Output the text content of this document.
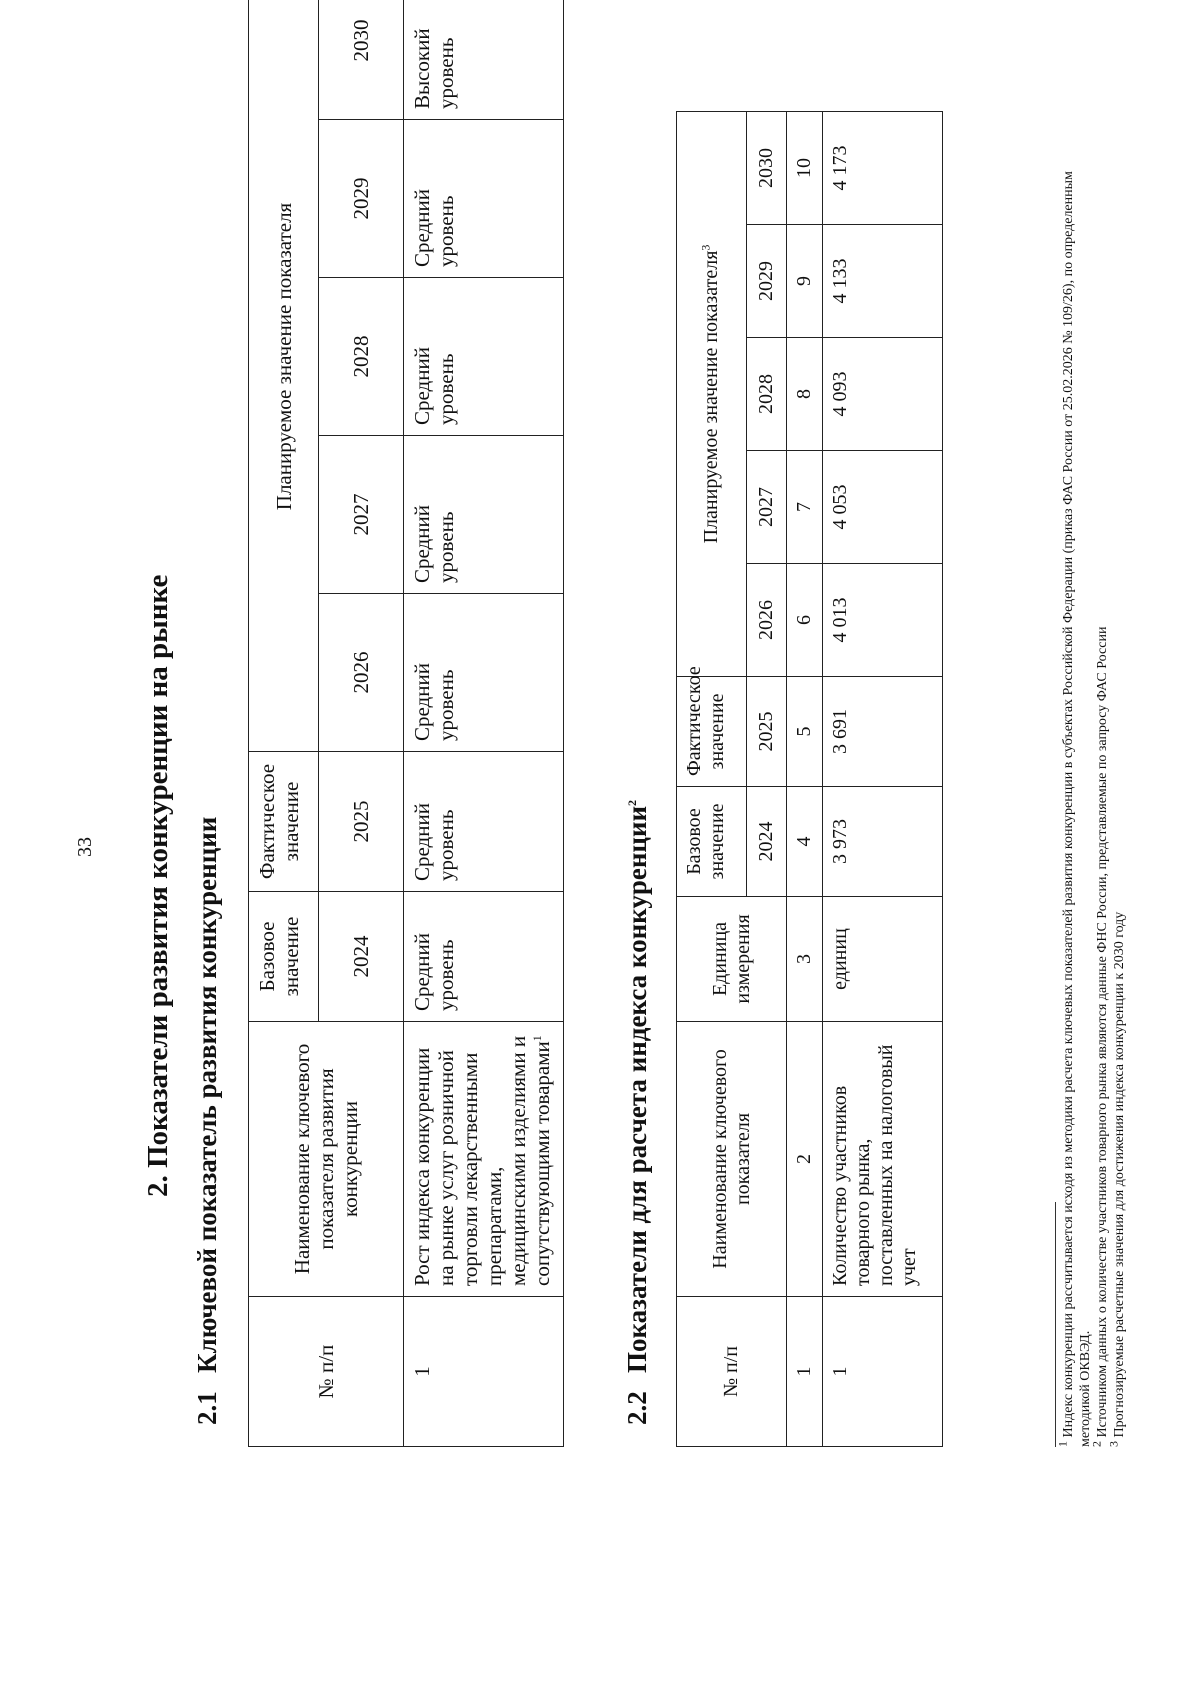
33 2. Показатели развития конкуренции на рынке
2.1Ключевой показатель развития конкуренции	№ п/п	Наименование ключевого показателя развития конкуренции	Базовое значение	Фактическое значение	Планируемое значение показателя				
		2024	2025	2026	2027	2028	2029	2030
1	Рост индекса конкуренции на рынке услуг розничной торговли лекарственными препаратами, медицинскими изделиями и сопутствующими товарами$^1$	Средний уровень	Средний уровень	Средний уровень	Средний уровень	Средний уровень	Средний уровень	Высокий уровень
2.2Показатели для расчета индекса конкуренции$^2$
№ п/п	Наименование ключевого показателя	Единица измерения	Базовое значение	Фактическое значение	Планируемое значение показателя$^3$
			2024	2025	2026	2027	2028	2029	2030
1	2	3	4	5	6	7	8	9	10
1	Количество участников товарного рынка, поставленных на налоговый учет	единиц	3 973	3 691	4 013	4 053	4 093	4 133	4 173

$^1$ Индекс конкуренции рассчитывается исходя из методики расчета ключевых показателей развития конкуренции в субъектах Российской Федерации (приказ ФАС России от 25.02.2026 № 109/26), по определенным методикой ОКВЭД.

$^2$ Источником данных о количестве участников товарного рынка являются данные ФНС России, представляемые по запросу ФАС России

$^3$ Прогнозируемые расчетные значения для достижения индекса конкуренции к 2030 году
